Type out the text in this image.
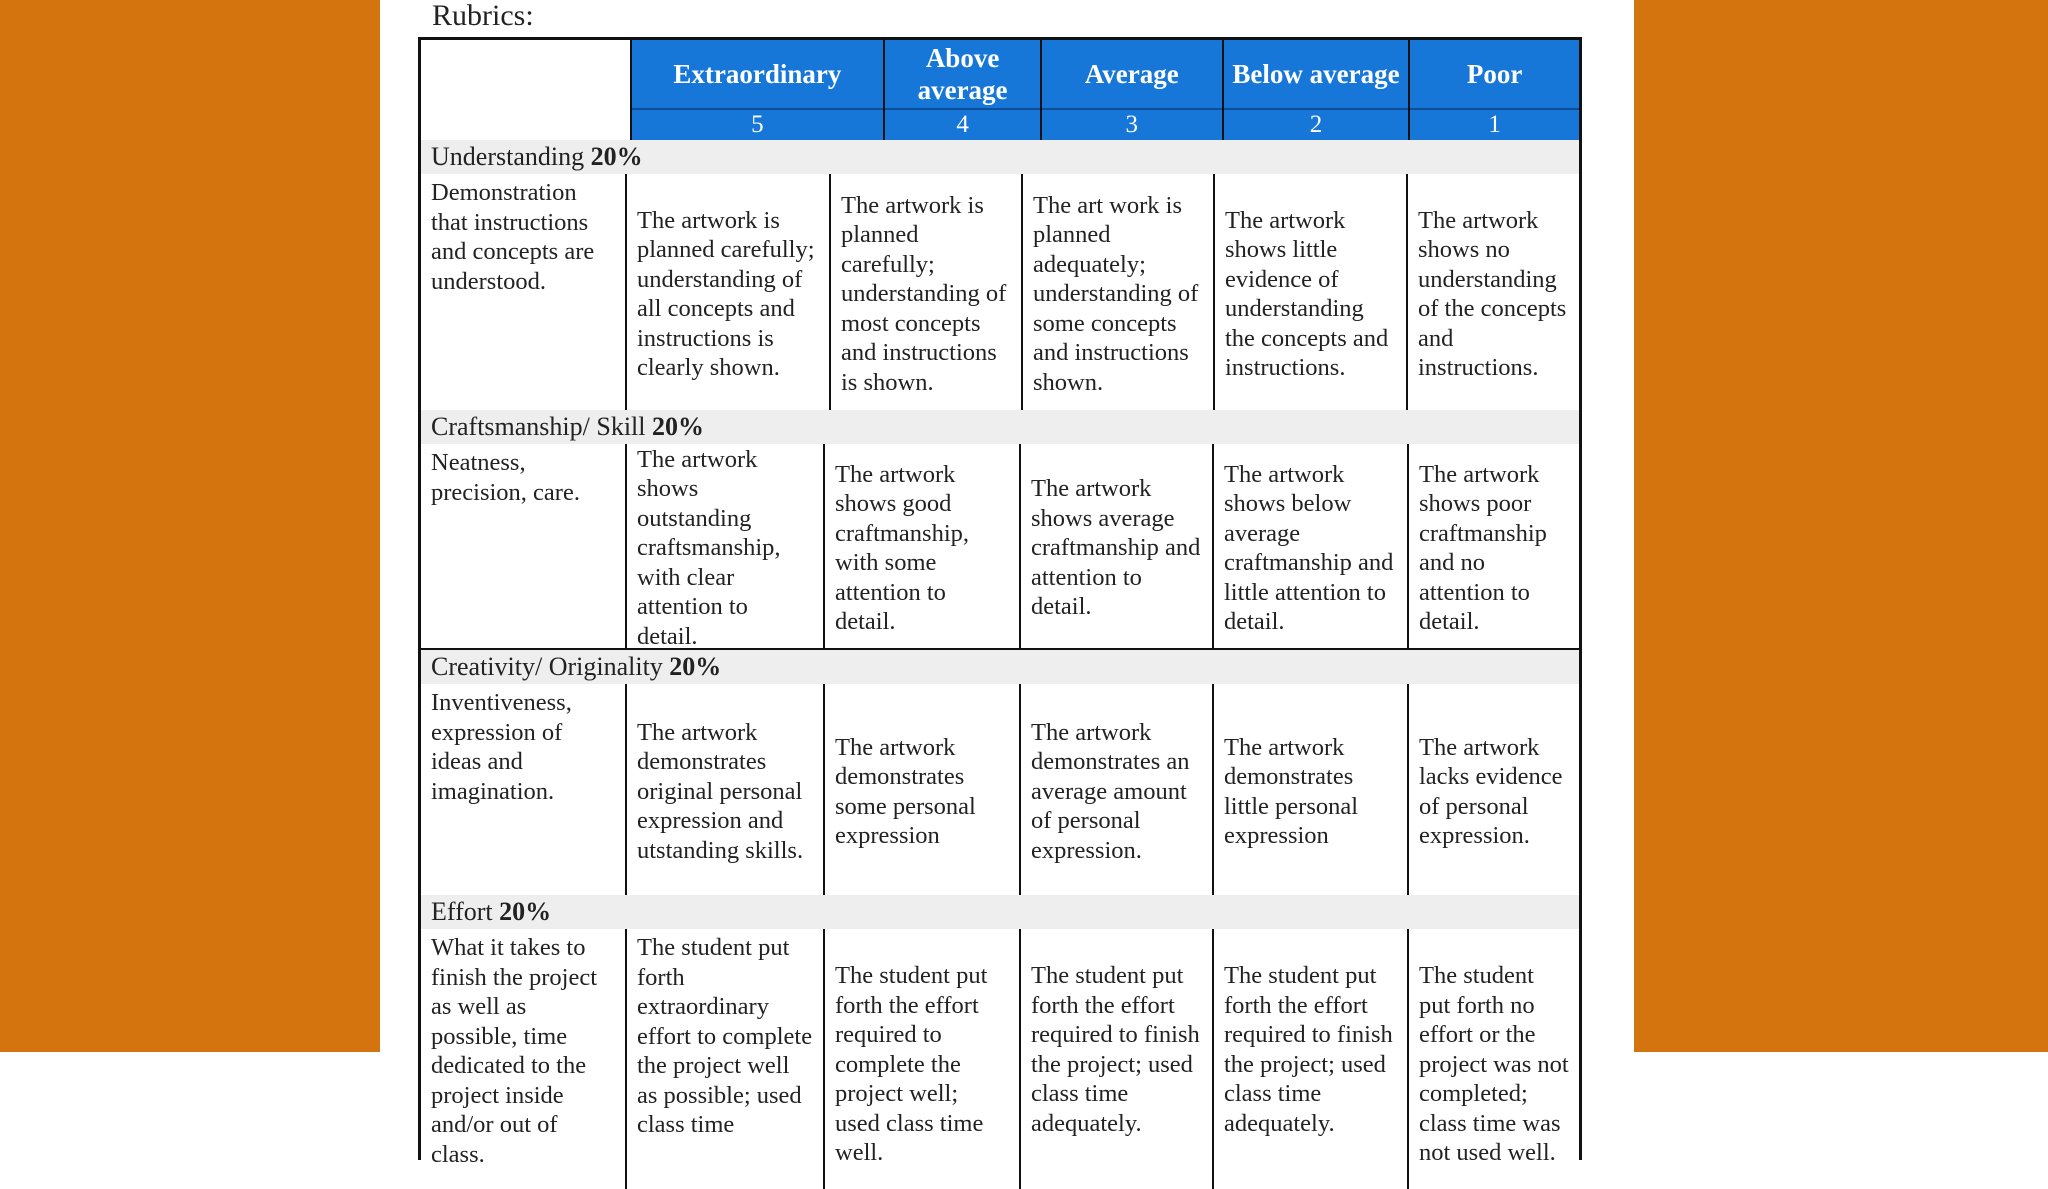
Rubrics:
Extraordinary
5
Above average
4
Average
3
Below average
2
Poor
1
Understanding 20%
Demonstration that instructions and concepts are understood.
The artwork is planned carefully; understanding of all concepts and instructions is clearly shown.
The artwork is planned carefully; understanding of most concepts and instructions is shown.
The art work is planned adequately; understanding of some concepts and instructions shown.
The artwork shows little evidence of understanding the concepts and instructions.
The artwork shows no understanding of the concepts and instructions.
Craftsmanship/ Skill 20%
Neatness, precision, care.
The artwork shows outstanding craftsmanship, with clear attention to detail.
The artwork shows good craftmanship, with some attention to detail.
The artwork shows average craftmanship and attention to detail.
The artwork shows below average craftmanship and little attention to detail.
The artwork shows poor craftmanship and no attention to detail.
Creativity/ Originality 20%
Inventiveness, expression of ideas and imagination.
The artwork demonstrates original personal expression and utstanding skills.
The artwork demonstrates some personal expression
The artwork demonstrates an average amount of personal expression.
The artwork demonstrates little personal expression
The artwork lacks evidence of personal expression.
Effort 20%
What it takes to finish the project as well as possible, time dedicated to the project inside and/or out of class.
The student put forth extraordinary effort to complete the project well as possible; used class time
The student put forth the effort required to complete the project well; used class time well.
The student put forth the effort required to finish the project; used class time adequately.
The student put forth the effort required to finish the project; used class time adequately.
The student put forth no effort or the project was not completed; class time was not used well.
